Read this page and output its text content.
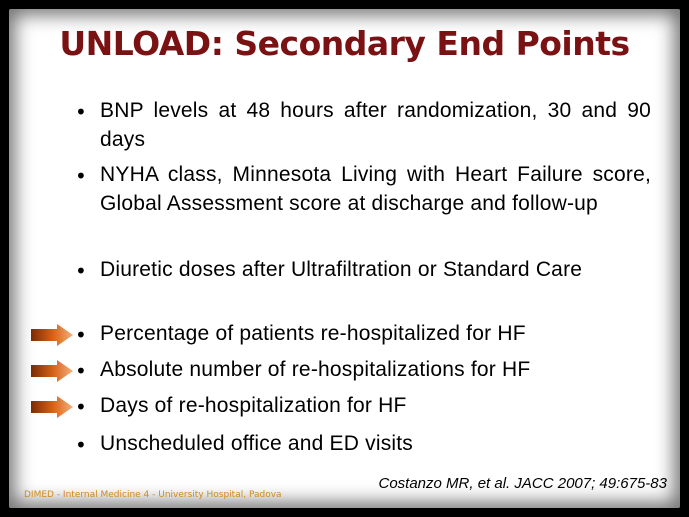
UNLOAD: Secondary End Points
• BNP levels at 48 hours after randomization, 30 and 90 days
• NYHA class, Minnesota Living with Heart Failure score, Global Assessment score at discharge and follow-up
• Diuretic doses after Ultrafiltration or Standard Care
• Percentage of patients re-hospitalized for HF
• Absolute number of re-hospitalizations for HF
• Days of re-hospitalization for HF
• Unscheduled office and ED visits
Costanzo MR, et al. JACC 2007; 49:675-83
DIMED - Internal Medicine 4 - University Hospital, Padova
